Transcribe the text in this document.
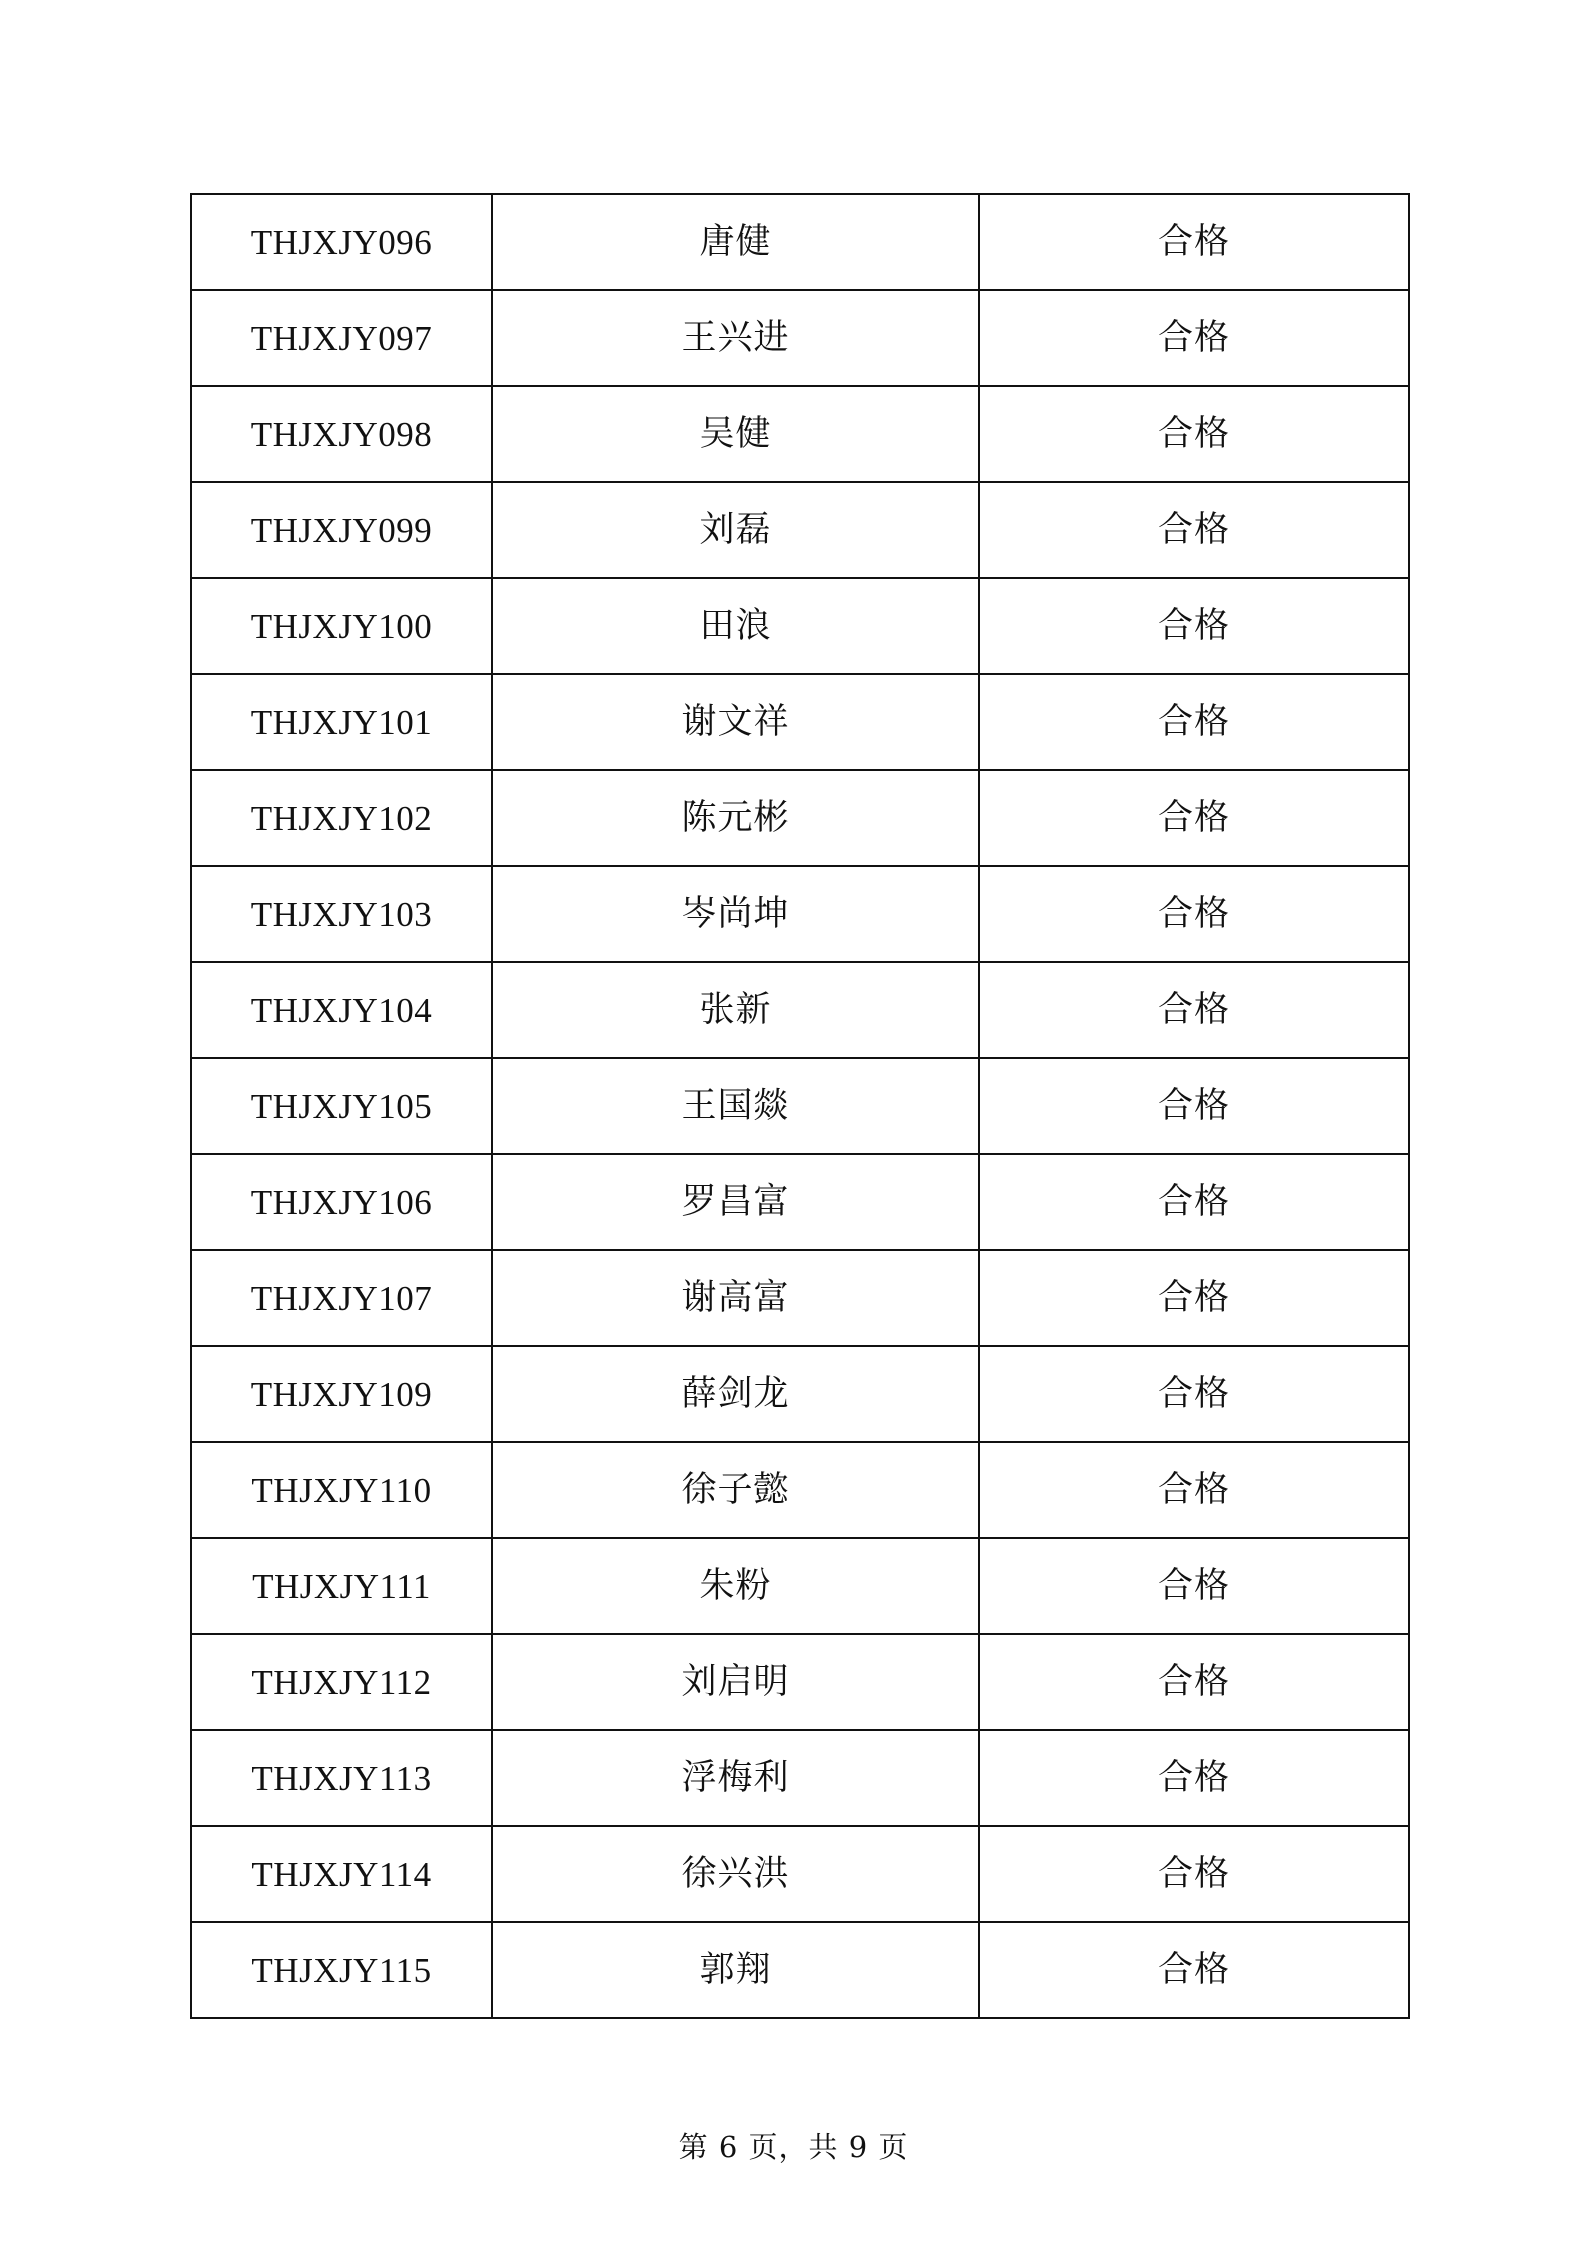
THJXJY096	唐健	合格
THJXJY097	王兴进	合格
THJXJY098	吴健	合格
THJXJY099	刘磊	合格
THJXJY100	田浪	合格
THJXJY101	谢文祥	合格
THJXJY102	陈元彬	合格
THJXJY103	岑尚坤	合格
THJXJY104	张新	合格
THJXJY105	王国燚	合格
THJXJY106	罗昌富	合格
THJXJY107	谢高富	合格
THJXJY109	薛剑龙	合格
THJXJY110	徐子懿	合格
THJXJY111	朱粉	合格
THJXJY112	刘启明	合格
THJXJY113	浮梅利	合格
THJXJY114	徐兴洪	合格
THJXJY115	郭翔	合格
第 6 页，共 9 页
